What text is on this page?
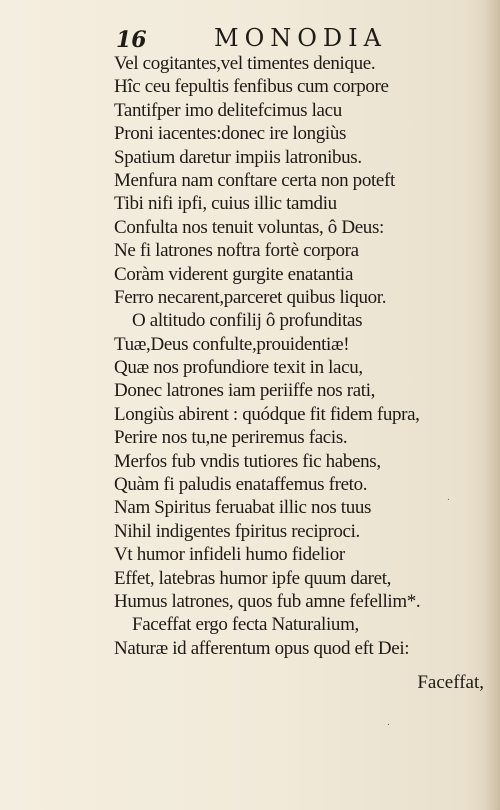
16	MONODIA
Vel cogitantes,vel timentes denique.
Hîc ceu fepultis fenfibus cum corpore
Tantifper imo delitefcimus lacu
Proni iacentes:donec ire longiùs
Spatium daretur impiis latronibus.
Menfura nam conftare certa non poteft
Tibi nifi ipfi, cuius illic tamdiu
Confulta nos tenuit voluntas, ô Deus:
Ne fi latrones noftra fortè corpora
Coràm viderent gurgite enatantia
Ferro necarent,parceret quibus liquor.
O altitudo confilij ô profunditas
Tuæ,Deus confulte,prouidentiæ!
Quæ nos profundiore texit in lacu,
Donec latrones iam periiffe nos rati,
Longiùs abirent : quódque fit fidem fupra,
Perire nos tu,ne periremus facis.
Merfos fub vndis tutiores fic habens,
Quàm fi paludis enataffemus freto.
Nam Spiritus feruabat illic nos tuus
Nihil indigentes fpiritus reciproci.
Vt humor infideli humo fidelior
Effet, latebras humor ipfe quum daret,
Humus latrones, quos fub amne fefellim*.
Faceffat ergo fecta Naturalium,
Naturæ id afferentum opus quod eft Dei:
Faceffat,
.
.
